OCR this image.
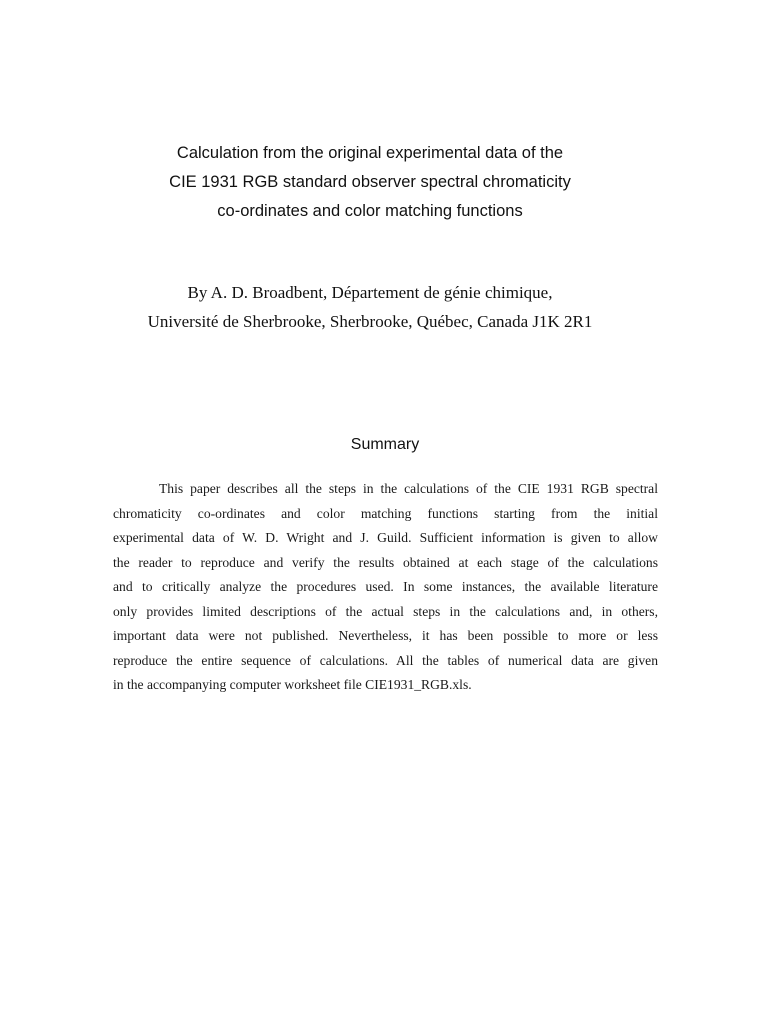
Calculation from the original experimental data of the
CIE 1931 RGB standard observer spectral chromaticity
co-ordinates and color matching functions
By A. D. Broadbent, Département de génie chimique,
Université de Sherbrooke, Sherbrooke, Québec, Canada J1K 2R1
Summary
This paper describes all the steps in the calculations of the CIE 1931 RGB spectral
chromaticity co-ordinates and color matching functions starting from the initial
experimental data of W. D. Wright and J. Guild. Sufficient information is given to allow
the reader to reproduce and verify the results obtained at each stage of the calculations
and to critically analyze the procedures used. In some instances, the available literature
only provides limited descriptions of the actual steps in the calculations and, in others,
important data were not published. Nevertheless, it has been possible to more or less
reproduce the entire sequence of calculations. All the tables of numerical data are given
in the accompanying computer worksheet file CIE1931_RGB.xls.
